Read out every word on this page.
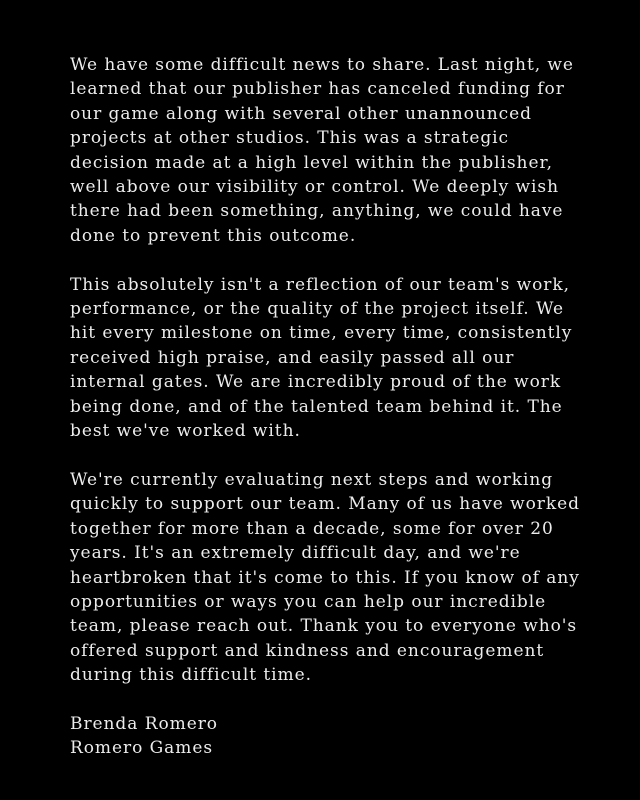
We have some difficult news to share. Last night, we learned that our publisher has canceled funding for our game along with several other unannounced projects at other studios. This was a strategic decision made at a high level within the publisher, well above our visibility or control. We deeply wish there had been something, anything, we could have done to prevent this outcome.

This absolutely isn't a reflection of our team's work, performance, or the quality of the project itself. We hit every milestone on time, every time, consistently received high praise, and easily passed all our internal gates. We are incredibly proud of the work being done, and of the talented team behind it. The best we've worked with.

We're currently evaluating next steps and working quickly to support our team. Many of us have worked together for more than a decade, some for over 20 years. It's an extremely difficult day, and we're heartbroken that it's come to this. If you know of any opportunities or ways you can help our incredible team, please reach out. Thank you to everyone who's offered support and kindness and encouragement during this difficult time.

Brenda Romero
Romero Games
